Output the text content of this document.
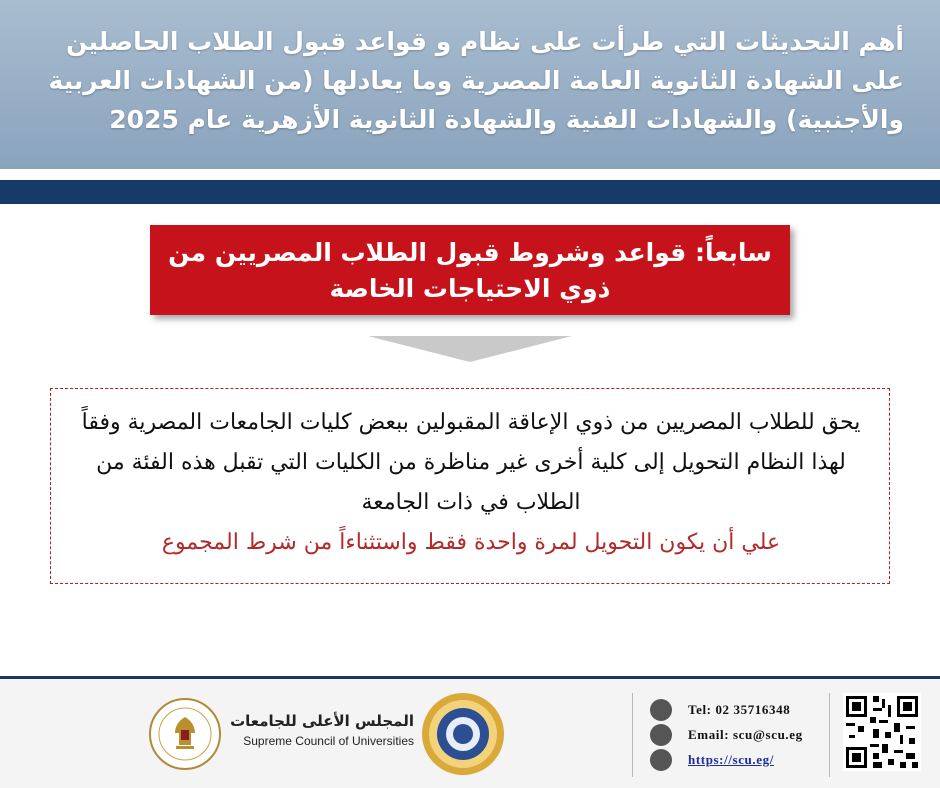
أهم التحديثات التي طرأت على نظام و قواعد قبول الطلاب الحاصلين على الشهادة الثانوية العامة المصرية وما يعادلها (من الشهادات العربية والأجنبية) والشهادات الفنية والشهادة الثانوية الأزهرية عام 2025
سابعاً: قواعد وشروط قبول الطلاب المصريين من ذوي الاحتياجات الخاصة
يحق للطلاب المصريين من ذوي الإعاقة المقبولين ببعض كليات الجامعات المصرية وفقاً لهذا النظام التحويل إلى كلية أخرى غير مناظرة من الكليات التي تقبل هذه الفئة من الطلاب في ذات الجامعة
علي أن يكون التحويل لمرة واحدة فقط واستثناءاً من شرط المجموع
المجلس الأعلى للجامعات
Supreme Council of Universities
Tel: 02 35716348
Email: scu@scu.eg
https://scu.eg/
